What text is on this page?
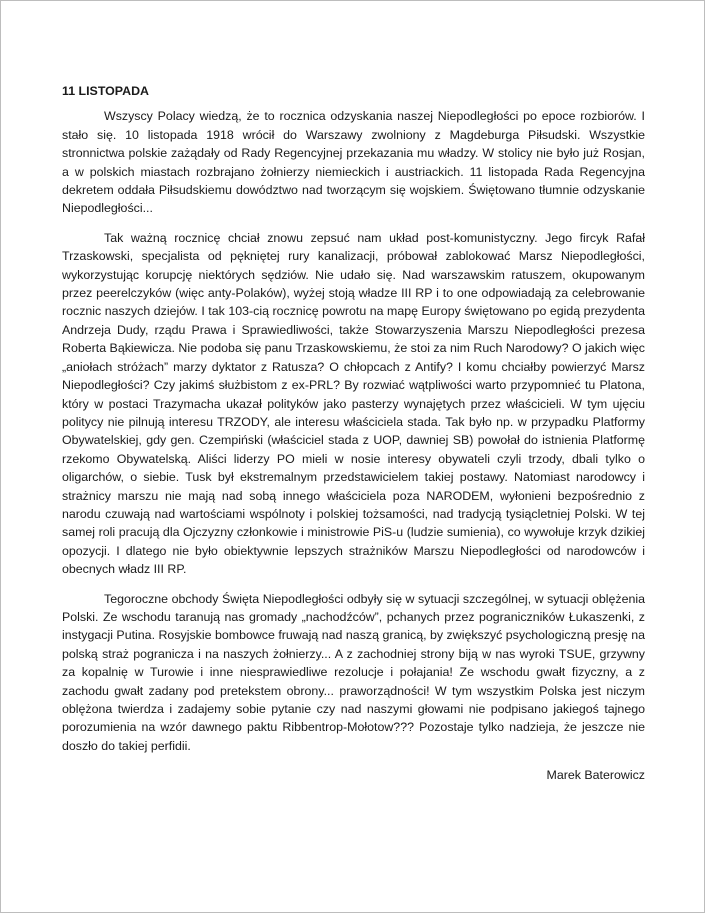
11 LISTOPADA

Wszyscy Polacy wiedzą, że to rocznica odzyskania naszej Niepodległości po epoce rozbiorów. I stało się. 10 listopada 1918 wrócił do Warszawy zwolniony z Magdeburga Piłsudski. Wszystkie stronnictwa polskie zażądały od Rady Regencyjnej przekazania mu władzy. W stolicy nie było już Rosjan, a w polskich miastach rozbrajano żołnierzy niemieckich i austriackich. 11 listopada Rada Regencyjna dekretem oddała Piłsudskiemu dowództwo nad tworzącym się wojskiem. Świętowano tłumnie odzyskanie Niepodległości...

Tak ważną rocznicę chciał znowu zepsuć nam układ post-komunistyczny. Jego fircyk Rafał Trzaskowski, specjalista od pękniętej rury kanalizacji, próbował zablokować Marsz Niepodległości, wykorzystując korupcję niektórych sędziów. Nie udało się. Nad warszawskim ratuszem, okupowanym przez peerelczyków (więc anty-Polaków), wyżej stoją władze III RP i to one odpowiadają za celebrowanie rocznic naszych dziejów. I tak 103-cią rocznicę powrotu na mapę Europy świętowano po egidą prezydenta Andrzeja Dudy, rządu Prawa i Sprawiedliwości, także Stowarzyszenia Marszu Niepodległości prezesa Roberta Bąkiewicza. Nie podoba się panu Trzaskowskiemu, że stoi za nim Ruch Narodowy? O jakich więc „aniołach stróżach” marzy dyktator z Ratusza? O chłopcach z Antify? I komu chciałby powierzyć Marsz Niepodległości? Czy jakimś służbistom z ex-PRL? By rozwiać wątpliwości warto przypomnieć tu Platona, który w postaci Trazymacha ukazał polityków jako pasterzy wynajętych przez właścicieli. W tym ujęciu politycy nie pilnują interesu TRZODY, ale interesu właściciela stada. Tak było np. w przypadku Platformy Obywatelskiej, gdy gen. Czempiński (właściciel stada z UOP, dawniej SB) powołał do istnienia Platformę rzekomo Obywatelską. Aliści liderzy PO mieli w nosie interesy obywateli czyli trzody, dbali tylko o oligarchów, o siebie. Tusk był ekstremalnym przedstawicielem takiej postawy. Natomiast narodowcy i strażnicy marszu nie mają nad sobą innego właściciela poza NARODEM, wyłonieni bezpośrednio z narodu czuwają nad wartościami wspólnoty i polskiej tożsamości, nad tradycją tysiącletniej Polski. W tej samej roli pracują dla Ojczyzny członkowie i ministrowie PiS-u (ludzie sumienia), co wywołuje krzyk dzikiej opozycji. I dlatego nie było obiektywnie lepszych strażników Marszu Niepodległości od narodowców i obecnych władz III RP.

Tegoroczne obchody Święta Niepodległości odbyły się w sytuacji szczególnej, w sytuacji oblężenia Polski. Ze wschodu taranują nas gromady „nachodźców”, pchanych przez pograniczników Łukaszenki, z instygacji Putina. Rosyjskie bombowce fruwają nad naszą granicą, by zwiększyć psychologiczną presję na polską straż pogranicza i na naszych żołnierzy... A z zachodniej strony biją w nas wyroki TSUE, grzywny za kopalnię w Turowie i inne niesprawiedliwe rezolucje i połajania! Ze wschodu gwałt fizyczny, a z zachodu gwałt zadany pod pretekstem obrony... praworządności! W tym wszystkim Polska jest niczym oblężona twierdza i zadajemy sobie pytanie czy nad naszymi głowami nie podpisano jakiegoś tajnego porozumienia na wzór dawnego paktu Ribbentrop-Mołotow??? Pozostaje tylko nadzieja, że jeszcze nie doszło do takiej perfidii.

Marek Baterowicz
